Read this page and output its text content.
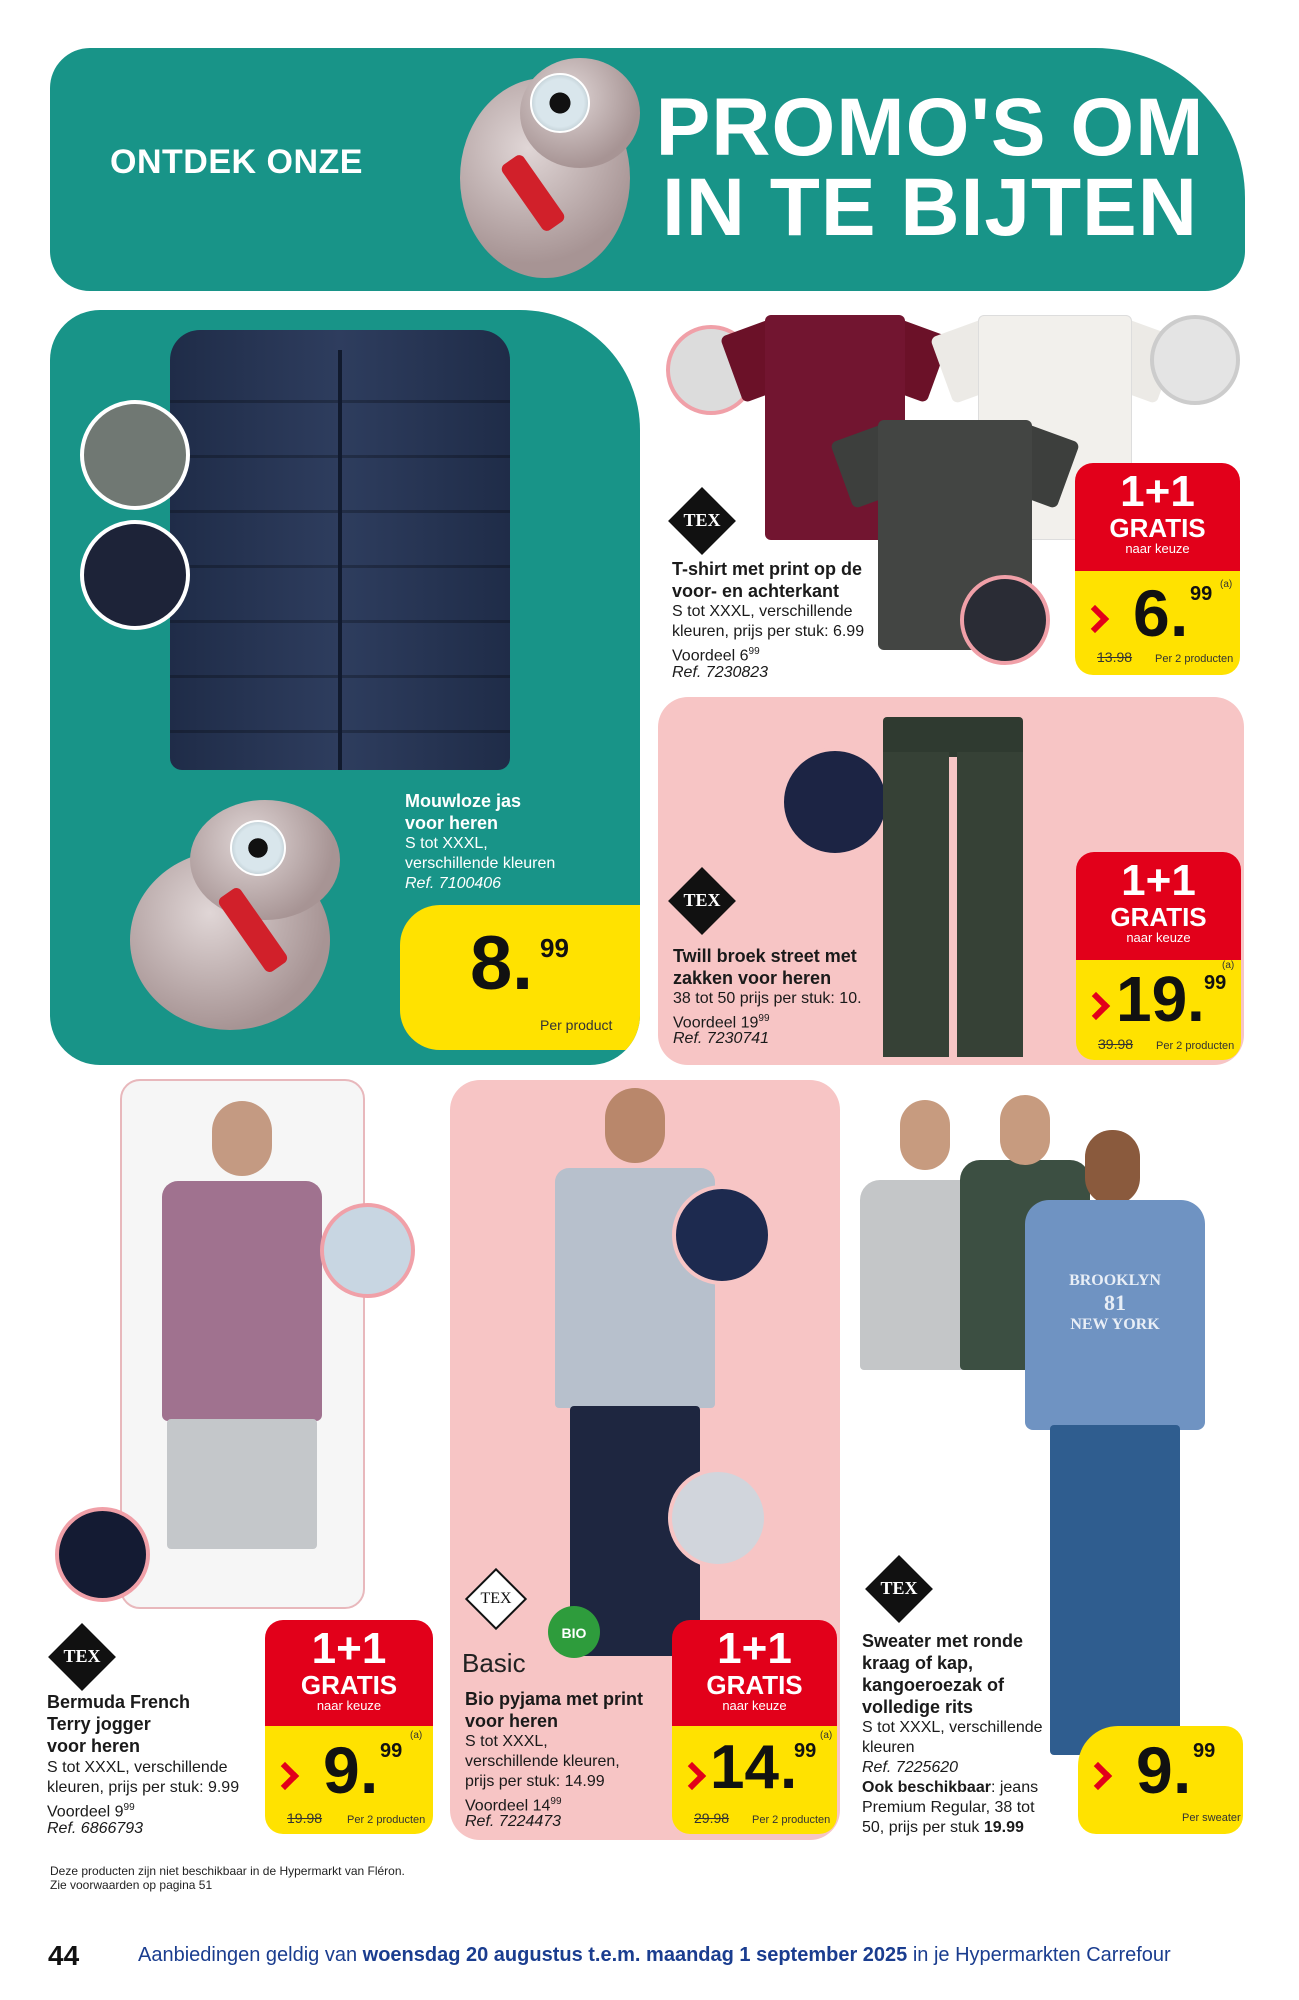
ONTDEK ONZE	PROMO'S OM
IN TE BIJTEN
Mouwloze jas
voor heren
S tot XXXL,
verschillende kleuren
Ref. 7100406
8 . 99
Per product
TEX
T-shirt met print op de
voor- en achterkant
S tot XXXL, verschillende
kleuren, prijs per stuk: 6.99
Voordeel $6^{99}$
Ref. 7230823
1+1
GRATIS
naar keuze
6 . 99 (a)
13.98 Per 2 producten
TEX
Twill broek street met
zakken voor heren
38 tot 50 prijs per stuk: 10.
Voordeel $19^{99}$
Ref. 7230741
1+1
GRATIS
naar keuze
19 . 99
(a)
39.98 Per 2 producten
TEX
Bermuda French
Terry jogger
voor heren
S tot XXXL, verschillende
kleuren, prijs per stuk: 9.99
Voordeel $9^{99}$
Ref. 6866793
1+1
GRATIS
naar keuze
9 . 99
(a)
19.98 Per 2 producten
TEX
Basic
BIO
Bio pyjama met print
voor heren
S tot XXXL,
verschillende kleuren,
prijs per stuk: 14.99
Voordeel $14^{99}$
Ref. 7224473
1+1
GRATIS
naar keuze
14 .
99
(a)
29.98 Per 2 producten
BROOKLYN
81
NEW YORK
TEX
Sweater met ronde
kraag of kap,
kangoeroezak of
volledige rits
S tot XXXL, verschillende
kleuren
Ref. 7225620
Ook beschikbaar: jeans
Premium Regular, 38 tot
50, prijs per stuk 19.99
9 . 99
Per sweater
Deze producten zijn niet beschikbaar in de Hypermarkt van Fléron.
Zie voorwaarden op pagina 51
44	Aanbiedingen geldig van woensdag 20 augustus t.e.m. maandag 1 september 2025 in je Hypermarkten Carrefour
